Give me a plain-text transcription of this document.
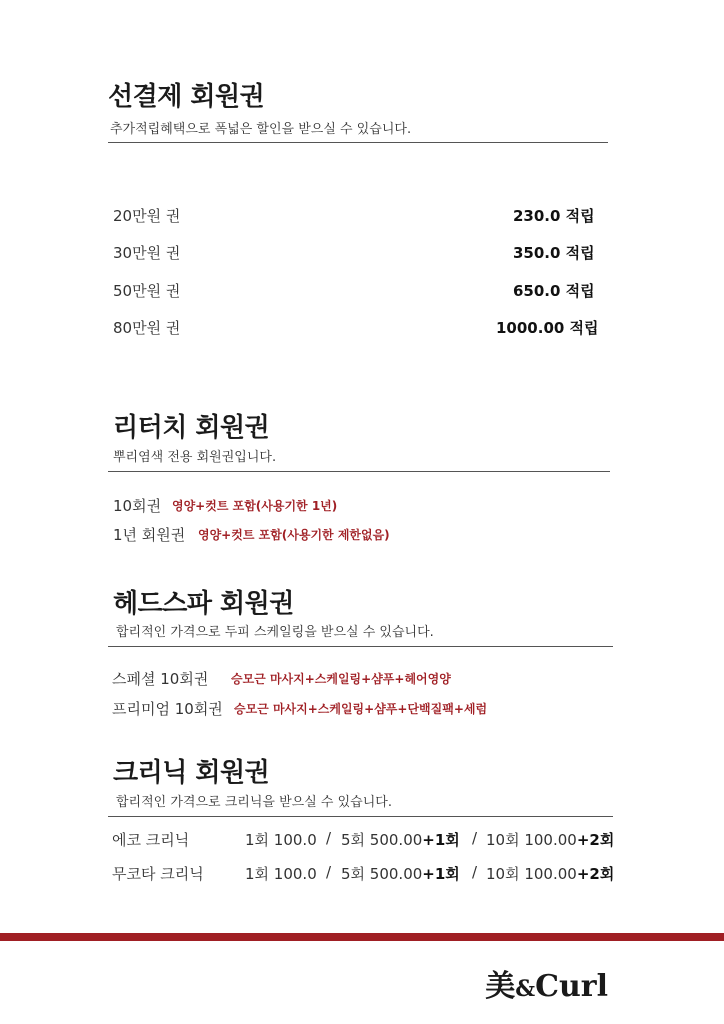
선결제 회원권
추가적립혜택으로 폭넓은 할인을 받으실 수 있습니다.
20만원 권	230.0 적립
30만원 권	350.0 적립
50만원 권	650.0 적립
80만원 권	1000.00 적립
리터치 회원권
뿌리염색 전용 회원권입니다.
10회권 영양+컷트 포함(사용기한 1년)
1년 회원권 영양+컷트 포함(사용기한 제한없음)
헤드스파 회원권
합리적인 가격으로 두피 스케일링을 받으실 수 있습니다.
스페셜 10회권 승모근 마사지+스케일링+샴푸+헤어영양
프리미엄 10회권 승모근 마사지+스케일링+샴푸+단백질팩+세럼
크리닉 회원권
합리적인 가격으로 크리닉을 받으실 수 있습니다.
에코 크리닉	1회 100.0 / 5회 500.00+1회 / 10회 100.00+2회
무코타 크리닉	1회 100.0 / 5회 500.00+1회 / 10회 100.00+2회
美&Curl
